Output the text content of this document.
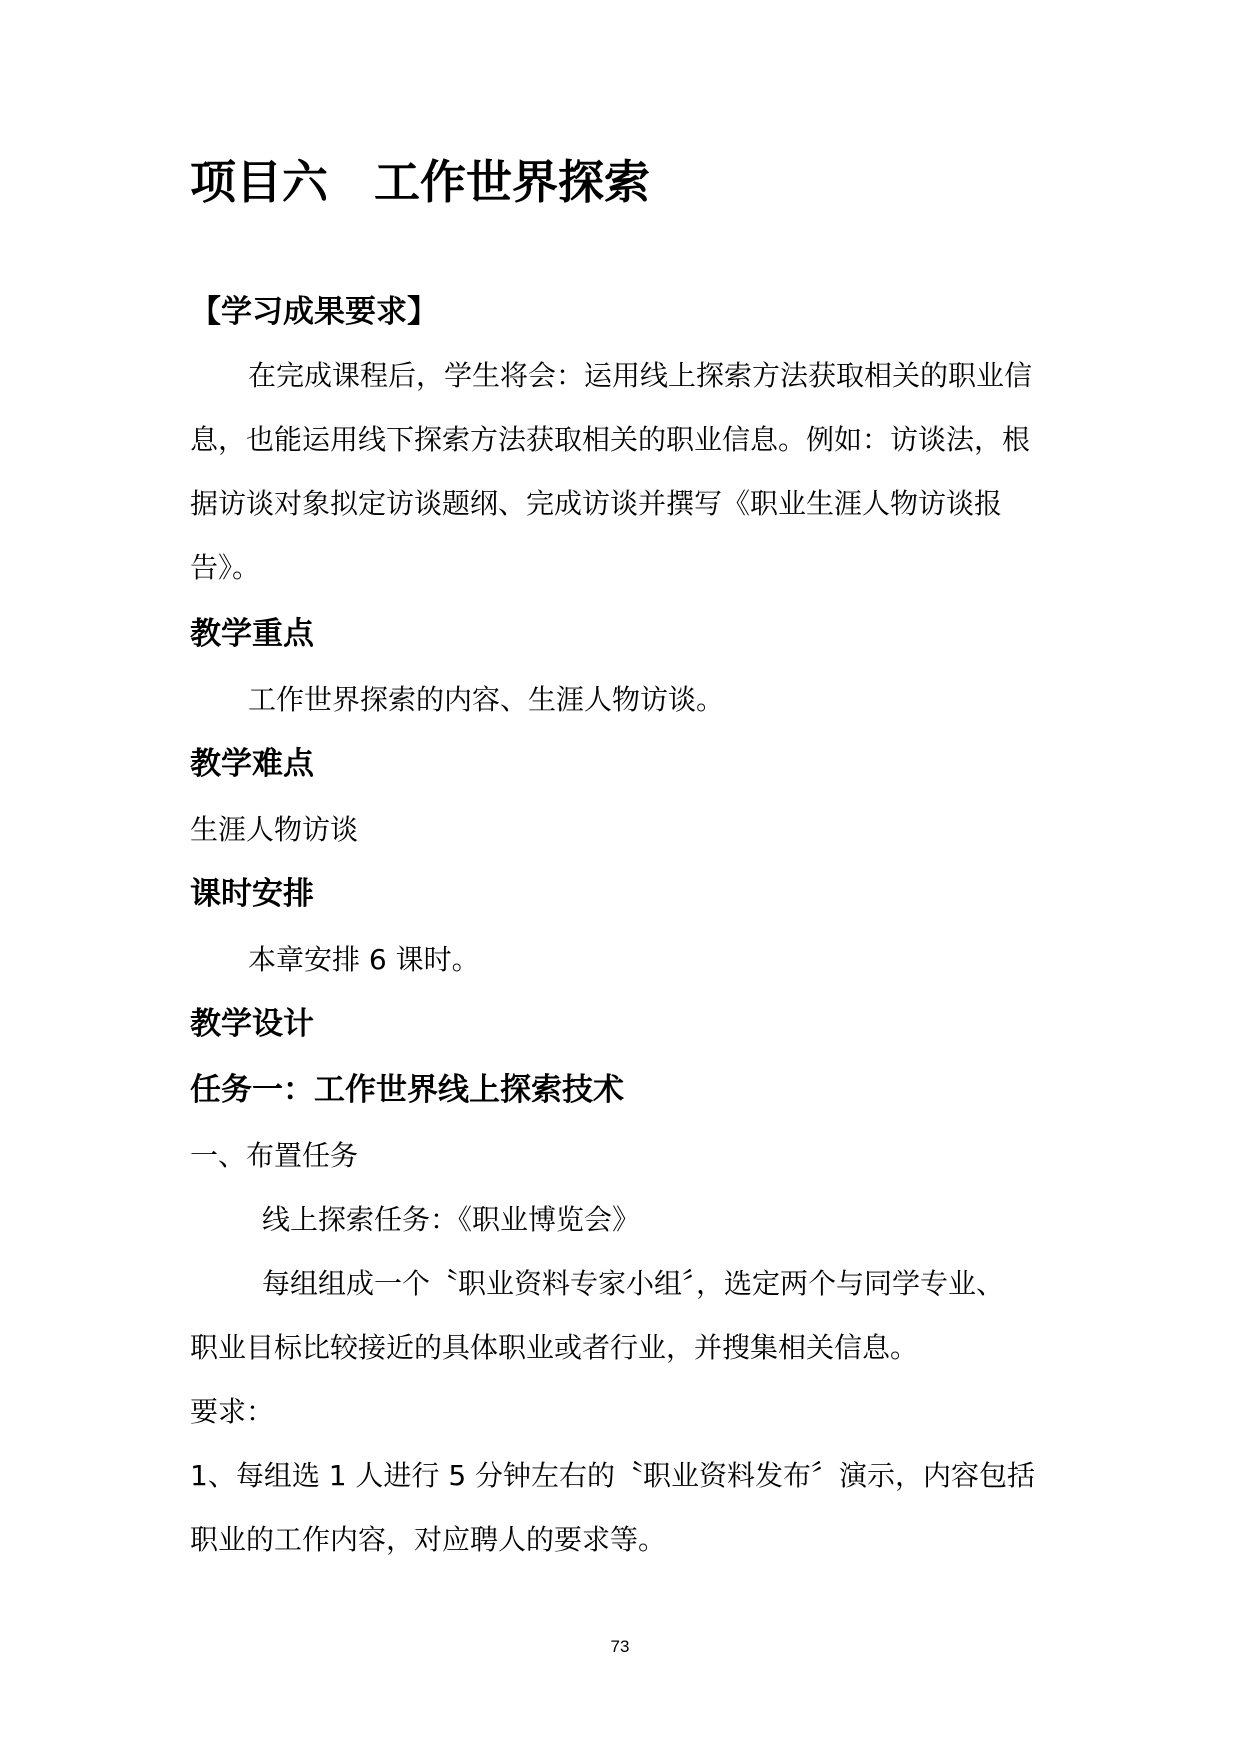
项目六　工作世界探索
【学习成果要求】

在完成课程后，学生将会：运用线上探索方法获取相关的职业信

息，也能运用线下探索方法获取相关的职业信息。例如：访谈法，根

据访谈对象拟定访谈题纲、完成访谈并撰写《职业生涯人物访谈报

告》。

教学重点

工作世界探索的内容、生涯人物访谈。

教学难点

生涯人物访谈

课时安排

本章安排 6 课时。

教学设计
任务一：工作世界线上探索技术

一、布置任务

线上探索任务：《职业博览会》

每组组成一个〝职业资料专家小组〞，选定两个与同学专业、

职业目标比较接近的具体职业或者行业，并搜集相关信息。

要求：

1、每组选 1 人进行 5 分钟左右的〝职业资料发布〞演示，内容包括

职业的工作内容，对应聘人的要求等。

73
